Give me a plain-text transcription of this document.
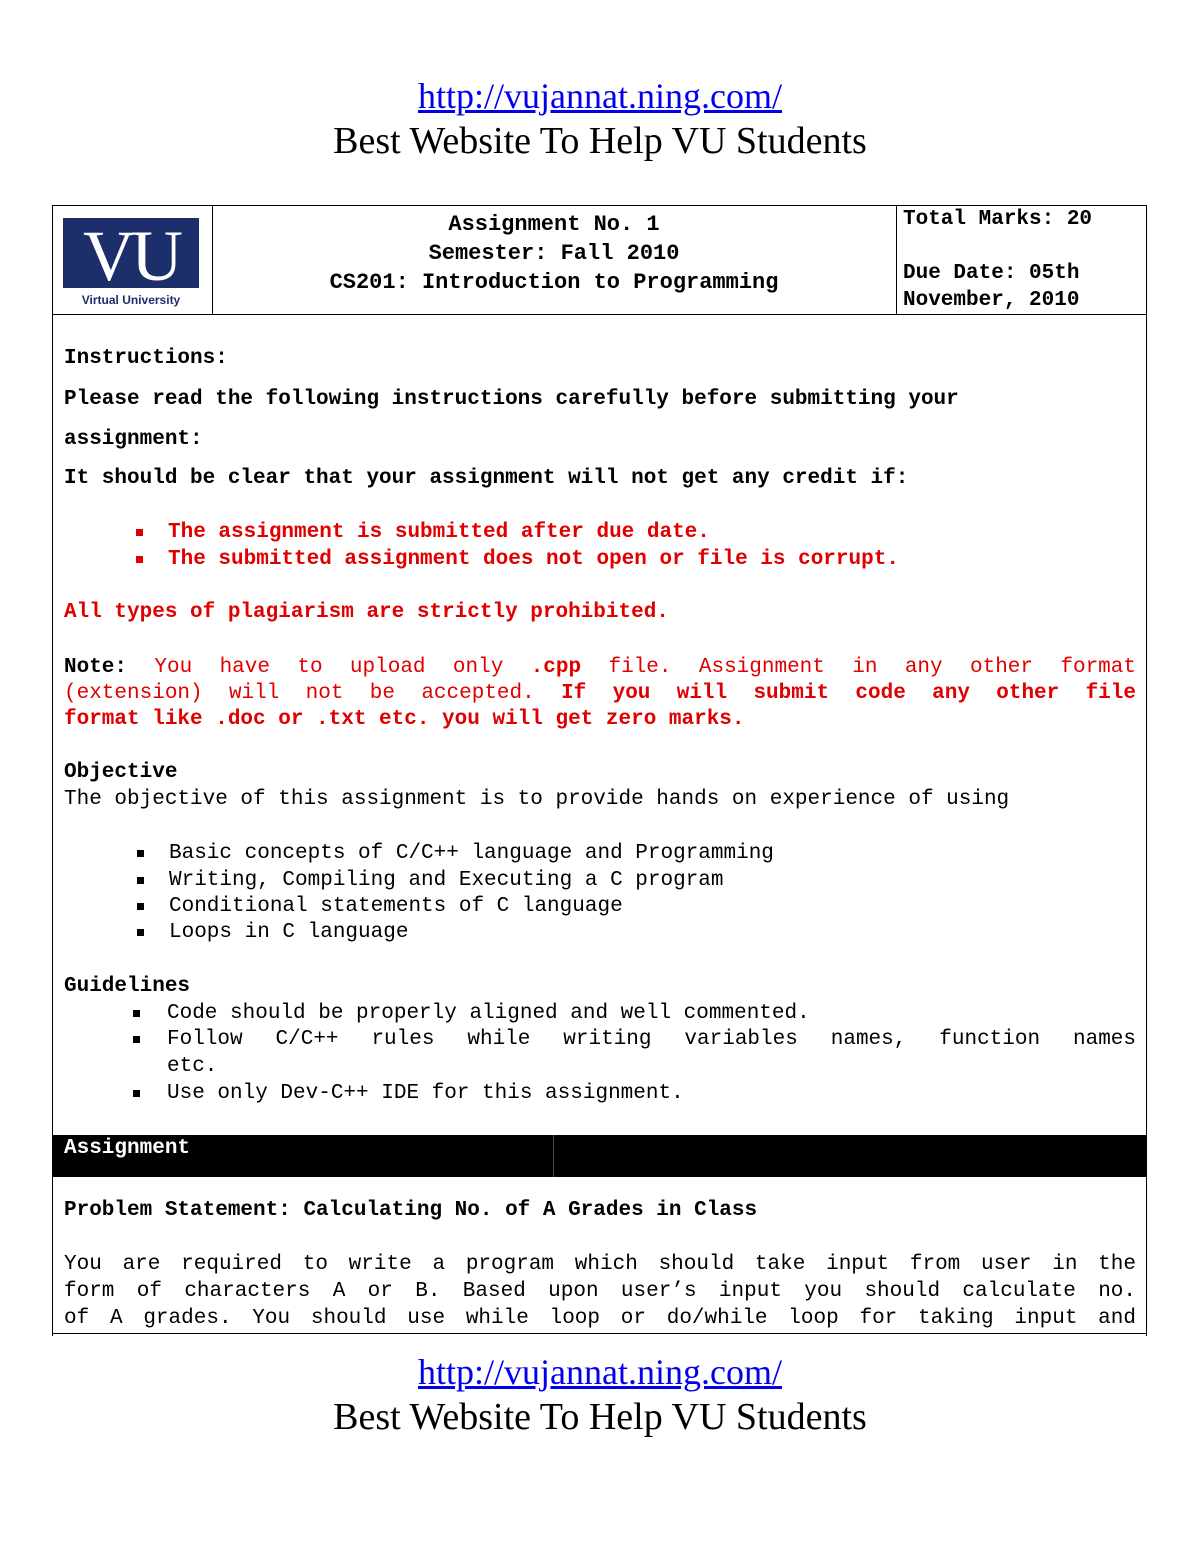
http://vujannat.ning.com/
Best Website To Help VU Students
VU
Virtual University
Assignment No. 1
Semester: Fall 2010
CS201: Introduction to Programming
Total Marks: 20
Due Date: 05th
November, 2010
Instructions:
Please read the following instructions carefully before submitting your
assignment:
It should be clear that your assignment will not get any credit if:
The assignment is submitted after due date.
The submitted assignment does not open or file is corrupt.
All types of plagiarism are strictly prohibited.
Note: You have to upload only .cpp file. Assignment in any other format
(extension) will not be accepted. If you will submit code any other file
format like .doc or .txt etc. you will get zero marks.
Objective
The objective of this assignment is to provide hands on experience of using
Basic concepts of C/C++ language and Programming
Writing, Compiling and Executing a C program
Conditional statements of C language
Loops in C language
Guidelines
Code should be properly aligned and well commented.
Follow C/C++ rules while writing variables names, function names
etc.
Use only Dev-C++ IDE for this assignment.
Assignment
Problem Statement: Calculating No. of A Grades in Class
You are required to write a program which should take input from user in the
form of characters A or B. Based upon user’s input you should calculate no.
of A grades. You should use while loop or do/while loop for taking input and
http://vujannat.ning.com/
Best Website To Help VU Students
